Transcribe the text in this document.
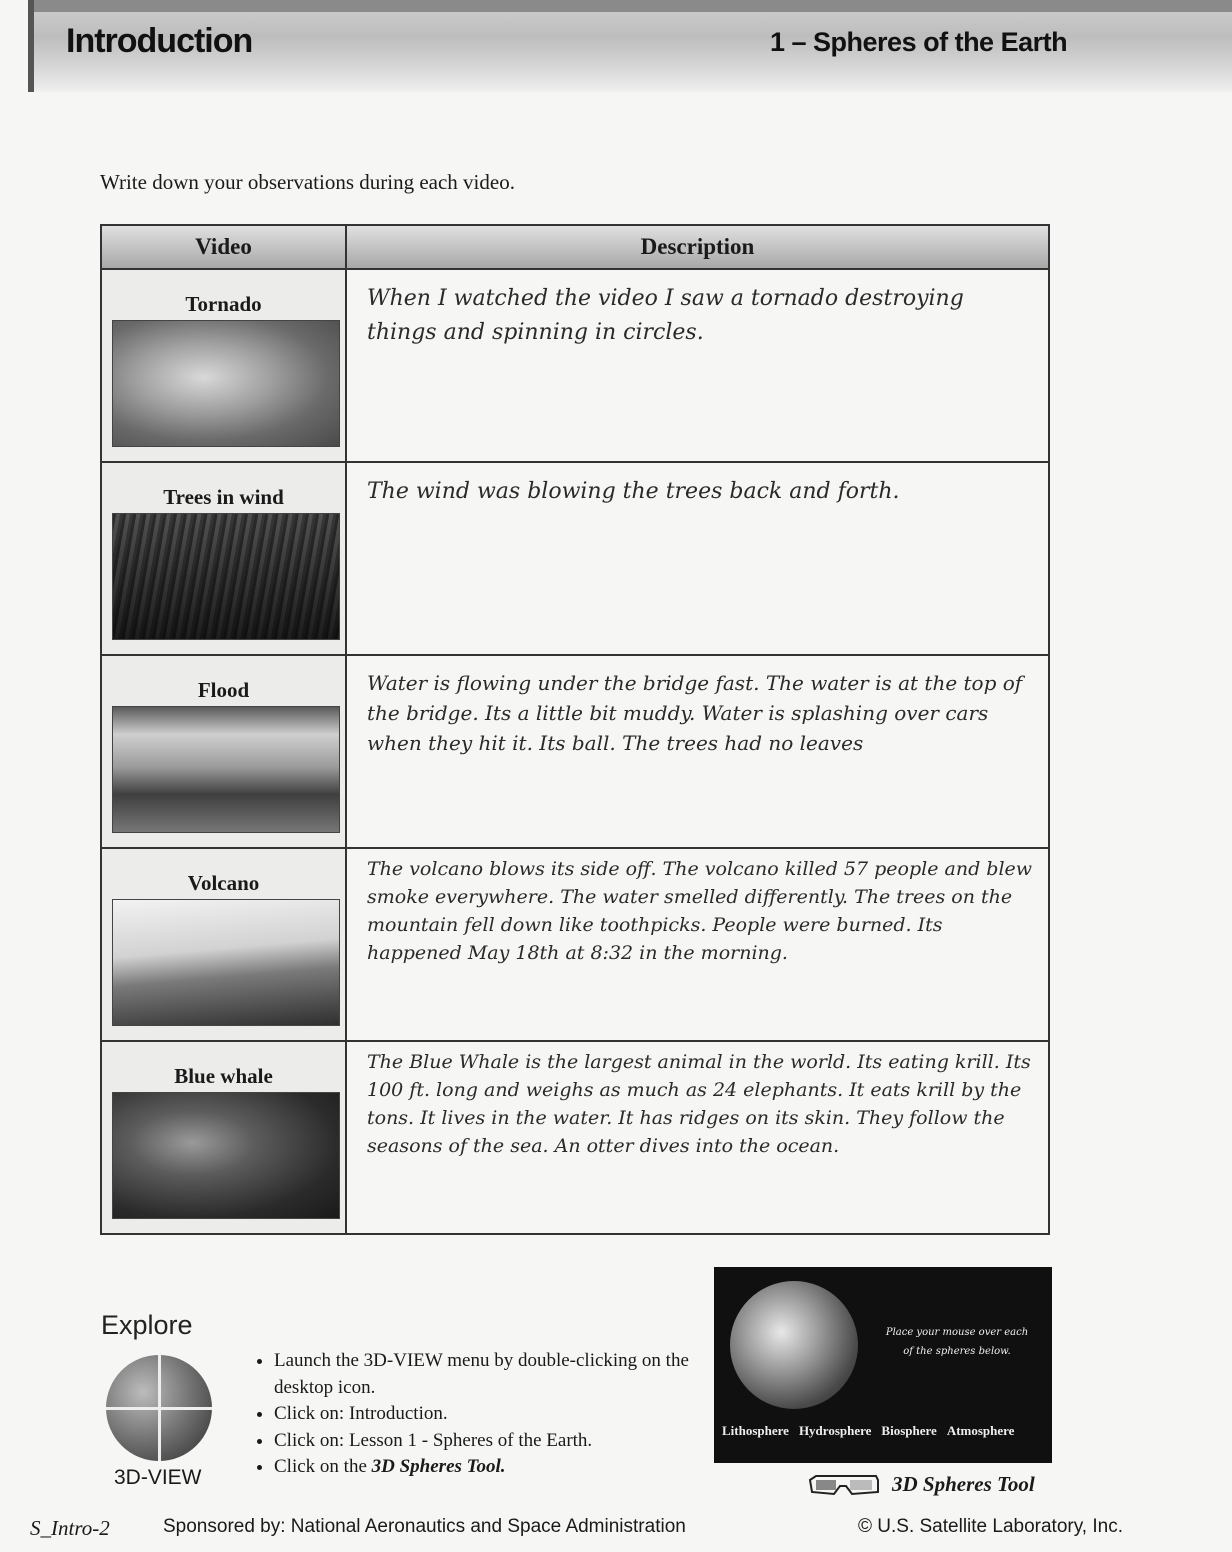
Introduction	1 – Spheres of the Earth
Write down your observations during each video.
Video	Description

Tornado	When I watched the video I saw a tornado destroying things and spinning in circles.

Trees in wind	The wind was blowing the trees back and forth.

Flood	Water is flowing under the bridge fast. The water is at the top of the bridge. Its a little bit muddy. Water is splashing over cars when they hit it. Its ball. The trees had no leaves

Volcano	The volcano blows its side off. The volcano killed 57 people and blew smoke everywhere. The water smelled differently. The trees on the mountain fell down like toothpicks. People were burned. Its happened May 18th at 8:32 in the morning.

Blue whale	The Blue Whale is the largest animal in the world. Its eating krill. Its 100 ft. long and weighs as much as 24 elephants. It eats krill by the tons. It lives in the water. It has ridges on its skin. They follow the seasons of the sea. An otter dives into the ocean.
Explore
3D-VIEW
• Launch the 3D-VIEW menu by double-clicking on the desktop icon.
• Click on: Introduction.
• Click on: Lesson 1 - Spheres of the Earth.
• Click on the 3D Spheres Tool.
Place your mouse over each of the spheres below.
Lithosphere Hydrosphere Biosphere Atmosphere
3D Spheres Tool
S_Intro-2	Sponsored by: National Aeronautics and Space Administration	© U.S. Satellite Laboratory, Inc.
